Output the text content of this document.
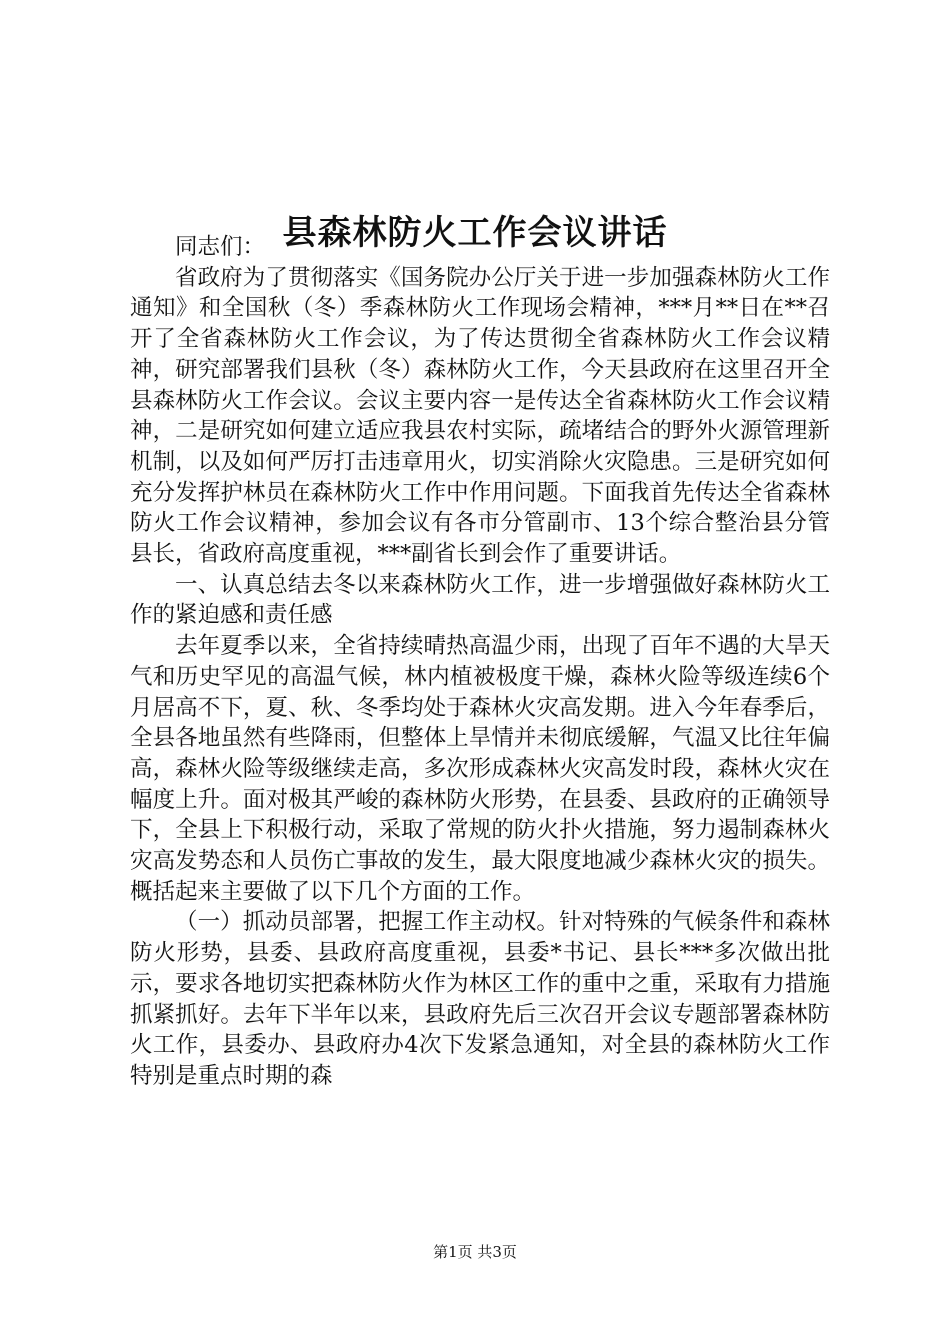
县森林防火工作会议讲话

同志们：

省政府为了贯彻落实《国务院办公厅关于进一步加强森林防火工作通知》和全国秋（冬）季森林防火工作现场会精神，***月**日在**召开了全省森林防火工作会议，为了传达贯彻全省森林防火工作会议精神，研究部署我们县秋（冬）森林防火工作，今天县政府在这里召开全县森林防火工作会议。会议主要内容一是传达全省森林防火工作会议精神，二是研究如何建立适应我县农村实际，疏堵结合的野外火源管理新机制，以及如何严厉打击违章用火，切实消除火灾隐患。三是研究如何充分发挥护林员在森林防火工作中作用问题。下面我首先传达全省森林防火工作会议精神，参加会议有各市分管副市、13个综合整治县分管县长，省政府高度重视，***副省长到会作了重要讲话。

一、认真总结去冬以来森林防火工作，进一步增强做好森林防火工作的紧迫感和责任感

去年夏季以来，全省持续晴热高温少雨，出现了百年不遇的大旱天气和历史罕见的高温气候，林内植被极度干燥，森林火险等级连续6个月居高不下，夏、秋、冬季均处于森林火灾高发期。进入今年春季后，全县各地虽然有些降雨，但整体上旱情并未彻底缓解，气温又比往年偏高，森林火险等级继续走高，多次形成森林火灾高发时段，森林火灾在幅度上升。面对极其严峻的森林防火形势，在县委、县政府的正确领导下，全县上下积极行动，采取了常规的防火扑火措施，努力遏制森林火灾高发势态和人员伤亡事故的发生，最大限度地减少森林火灾的损失。概括起来主要做了以下几个方面的工作。

（一）抓动员部署，把握工作主动权。针对特殊的气候条件和森林防火形势，县委、县政府高度重视，县委*书记、县长***多次做出批示，要求各地切实把森林防火作为林区工作的重中之重，采取有力措施抓紧抓好。去年下半年以来，县政府先后三次召开会议专题部署森林防火工作，县委办、县政府办4次下发紧急通知，对全县的森林防火工作特别是重点时期的森

第1页 共3页
